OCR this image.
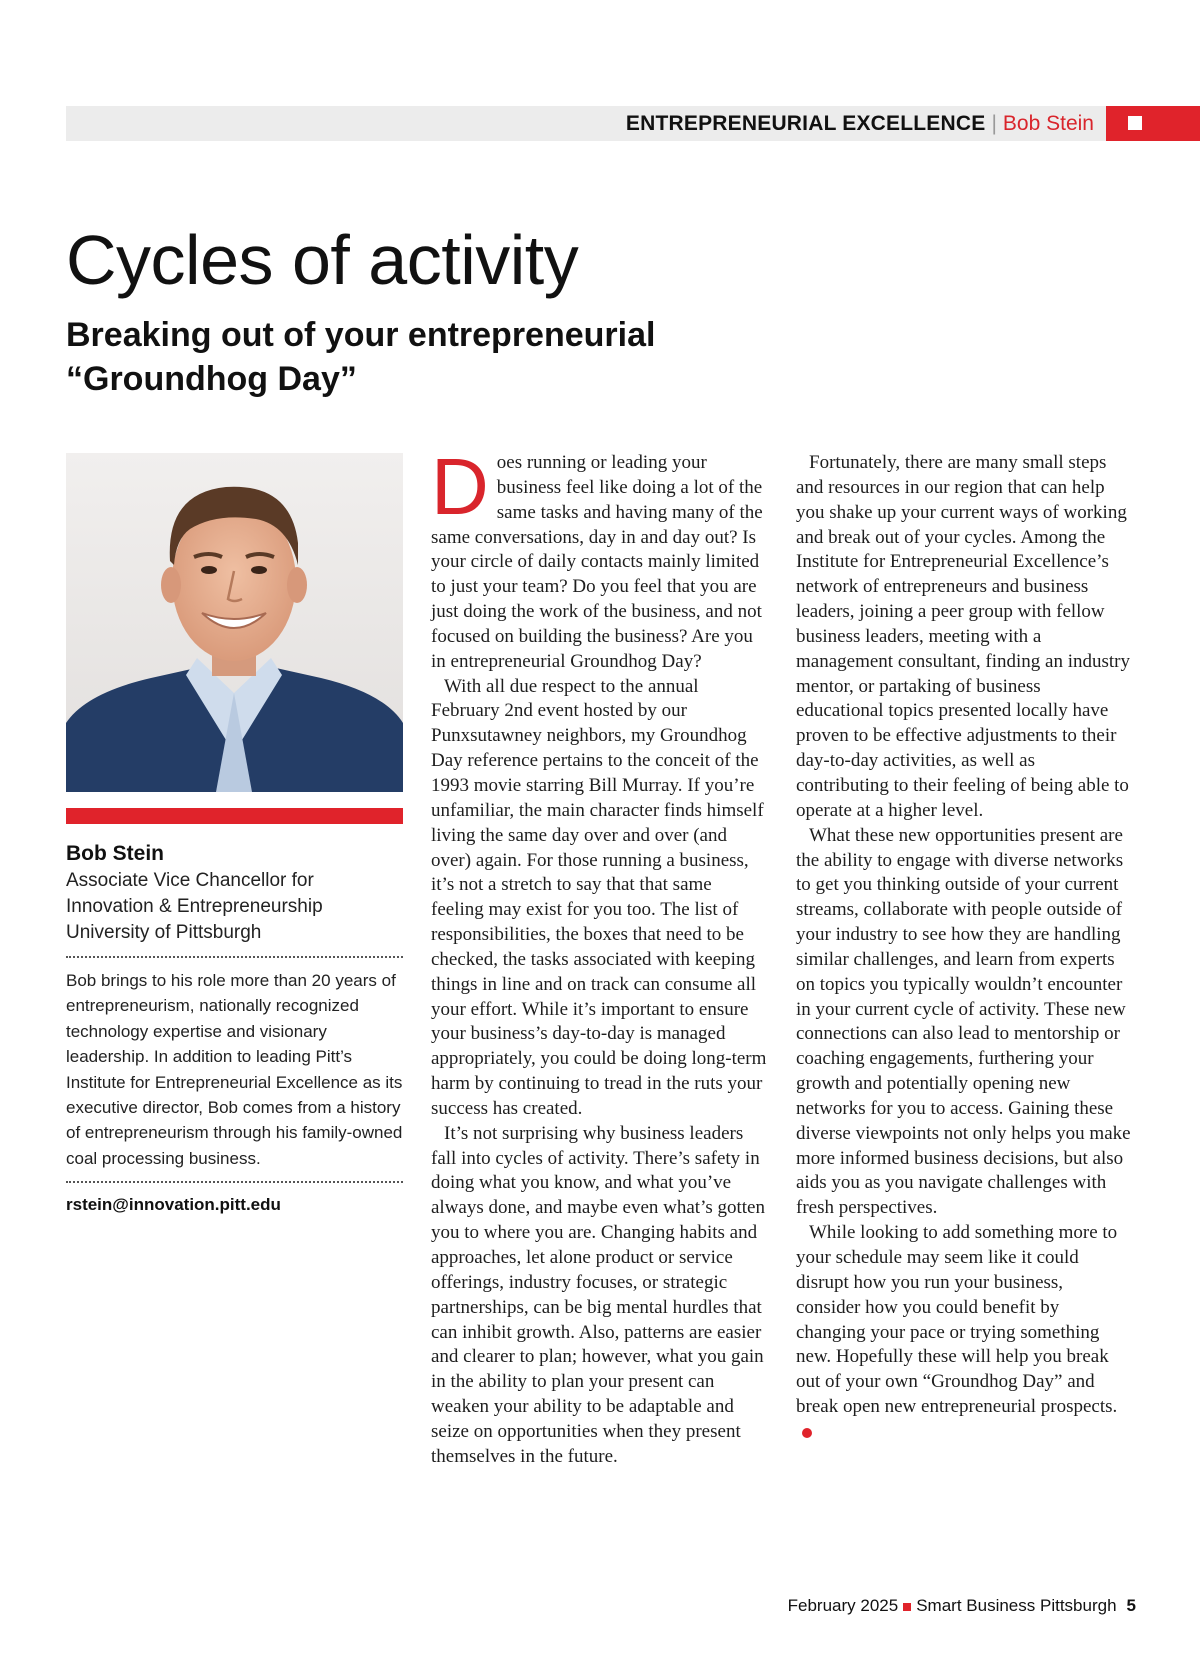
ENTREPRENEURIAL EXCELLENCE | Bob Stein
Cycles of activity
Breaking out of your entrepreneurial “Groundhog Day”
Bob Stein
Associate Vice Chancellor for
Innovation & Entrepreneurship
University of Pittsburgh
Bob brings to his role more than 20 years of entrepreneurism, nationally recognized technology expertise and visionary leadership. In addition to leading Pitt’s Institute for Entrepreneurial Excellence as its executive director, Bob comes from a history of entrepreneurism through his family-owned coal processing business.
rstein@innovation.pitt.edu

Does running or leading your business feel like doing a lot of the same tasks and having many of the same conversations, day in and day out? Is your circle of daily contacts mainly limited to just your team? Do you feel that you are just doing the work of the business, and not focused on building the business? Are you in entrepreneurial Groundhog Day?

With all due respect to the annual February 2nd event hosted by our Punxsutawney neighbors, my Groundhog Day reference pertains to the conceit of the 1993 movie starring Bill Murray. If you’re unfamiliar, the main character finds himself living the same day over and over (and over) again. For those running a business, it’s not a stretch to say that that same feeling may exist for you too. The list of responsibilities, the boxes that need to be checked, the tasks associated with keeping things in line and on track can consume all your effort. While it’s important to ensure your business’s day-to-day is managed appropriately, you could be doing long-term harm by continuing to tread in the ruts your success has created.

It’s not surprising why business leaders fall into cycles of activity. There’s safety in doing what you know, and what you’ve always done, and maybe even what’s gotten you to where you are. Changing habits and approaches, let alone product or service offerings, industry focuses, or strategic partnerships, can be big mental hurdles that can inhibit growth. Also, patterns are easier and clearer to plan; however, what you gain in the ability to plan your present can weaken your ability to be adaptable and seize on opportunities when they present themselves in the future.

Fortunately, there are many small steps and resources in our region that can help you shake up your current ways of working and break out of your cycles. Among the Institute for Entrepreneurial Excellence’s network of entrepreneurs and business leaders, joining a peer group with fellow business leaders, meeting with a management consultant, finding an industry mentor, or partaking of business educational topics presented locally have proven to be effective adjustments to their day-to-day activities, as well as contributing to their feeling of being able to operate at a higher level.

What these new opportunities present are the ability to engage with diverse networks to get you thinking outside of your current streams, collaborate with people outside of your industry to see how they are handling similar challenges, and learn from experts on topics you typically wouldn’t encounter in your current cycle of activity. These new connections can also lead to mentorship or coaching engagements, furthering your growth and potentially opening new networks for you to access. Gaining these diverse viewpoints not only helps you make more informed business decisions, but also aids you as you navigate challenges with fresh perspectives.

While looking to add something more to your schedule may seem like it could disrupt how you run your business, consider how you could benefit by changing your pace or trying something new. Hopefully these will help you break out of your own “Groundhog Day” and break open new entrepreneurial prospects.

February 2025 Smart Business Pittsburgh 5
